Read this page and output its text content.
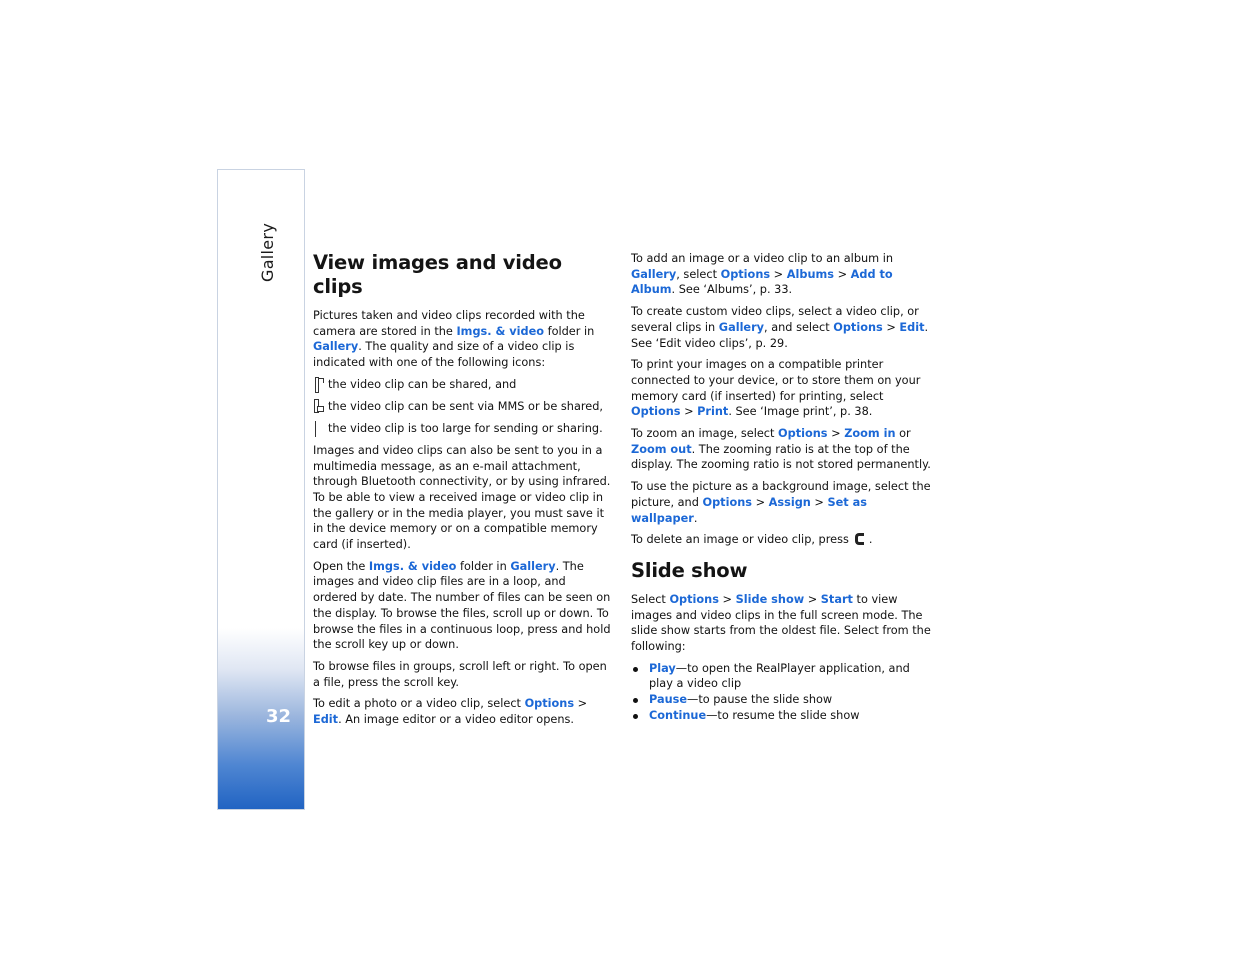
Gallery
32
View images and video clips

Pictures taken and video clips recorded with the camera are stored in the Imgs. & video folder in Gallery. The quality and size of a video clip is indicated with one of the following icons:

the video clip can be shared, and
the video clip can be sent via MMS or be shared,
the video clip is too large for sending or sharing.

Images and video clips can also be sent to you in a multimedia message, as an e-mail attachment, through Bluetooth connectivity, or by using infrared. To be able to view a received image or video clip in the gallery or in the media player, you must save it in the device memory or on a compatible memory card (if inserted).

Open the Imgs. & video folder in Gallery. The images and video clip files are in a loop, and ordered by date. The number of files can be seen on the display. To browse the files, scroll up or down. To browse the files in a continuous loop, press and hold the scroll key up or down.

To browse files in groups, scroll left or right. To open a file, press the scroll key.

To edit a photo or a video clip, select Options > Edit. An image editor or a video editor opens.

To add an image or a video clip to an album in Gallery, select Options > Albums > Add to Album. See ‘Albums’, p. 33.

To create custom video clips, select a video clip, or several clips in Gallery, and select Options > Edit. See ‘Edit video clips’, p. 29.

To print your images on a compatible printer connected to your device, or to store them on your memory card (if inserted) for printing, select Options > Print. See ‘Image print’, p. 38.

To zoom an image, select Options > Zoom in or Zoom out. The zooming ratio is at the top of the display. The zooming ratio is not stored permanently.

To use the picture as a background image, select the picture, and Options > Assign > Set as wallpaper.

To delete an image or video clip, press .

Slide show

Select Options > Slide show > Start to view images and video clips in the full screen mode. The slide show starts from the oldest file. Select from the following:

Play—to open the RealPlayer application, and play a video clip
Pause—to pause the slide show
Continue—to resume the slide show
